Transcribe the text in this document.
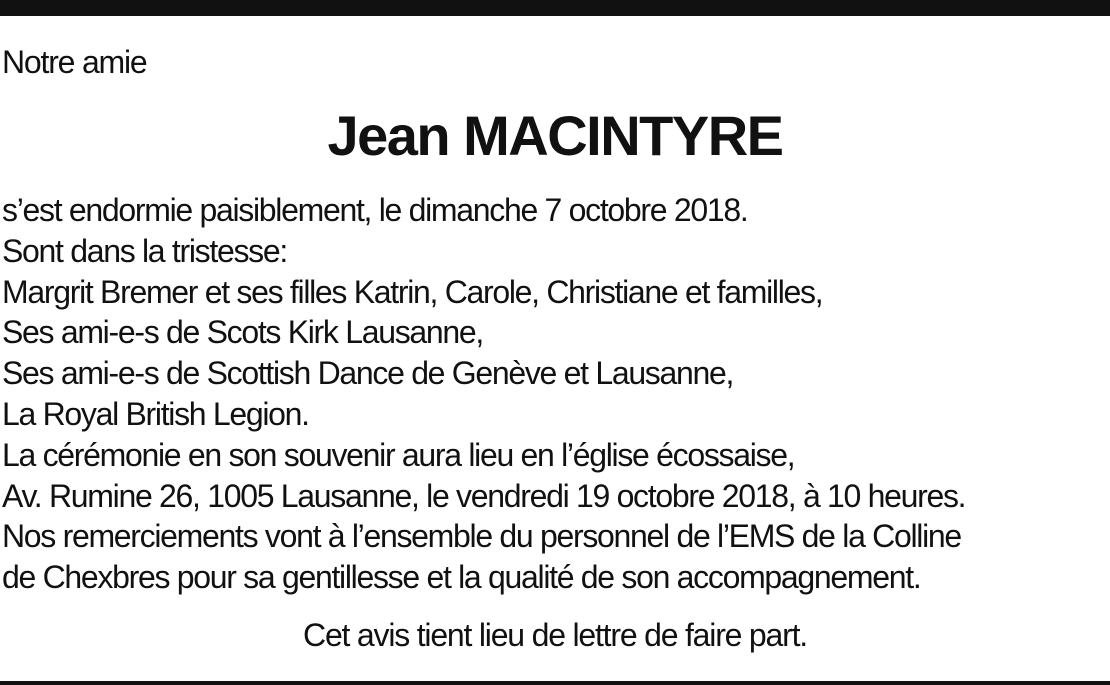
Notre amie
Jean MACINTYRE
s’est endormie paisiblement, le dimanche 7 octobre 2018.
Sont dans la tristesse:
Margrit Bremer et ses filles Katrin, Carole, Christiane et familles,
Ses ami-e-s de Scots Kirk Lausanne,
Ses ami-e-s de Scottish Dance de Genève et Lausanne,
La Royal British Legion.
La cérémonie en son souvenir aura lieu en l’église écossaise,
Av. Rumine 26, 1005 Lausanne, le vendredi 19 octobre 2018, à 10 heures.
Nos remerciements vont à l’ensemble du personnel de l’EMS de la Colline
de Chexbres pour sa gentillesse et la qualité de son accompagnement.
Cet avis tient lieu de lettre de faire part.
